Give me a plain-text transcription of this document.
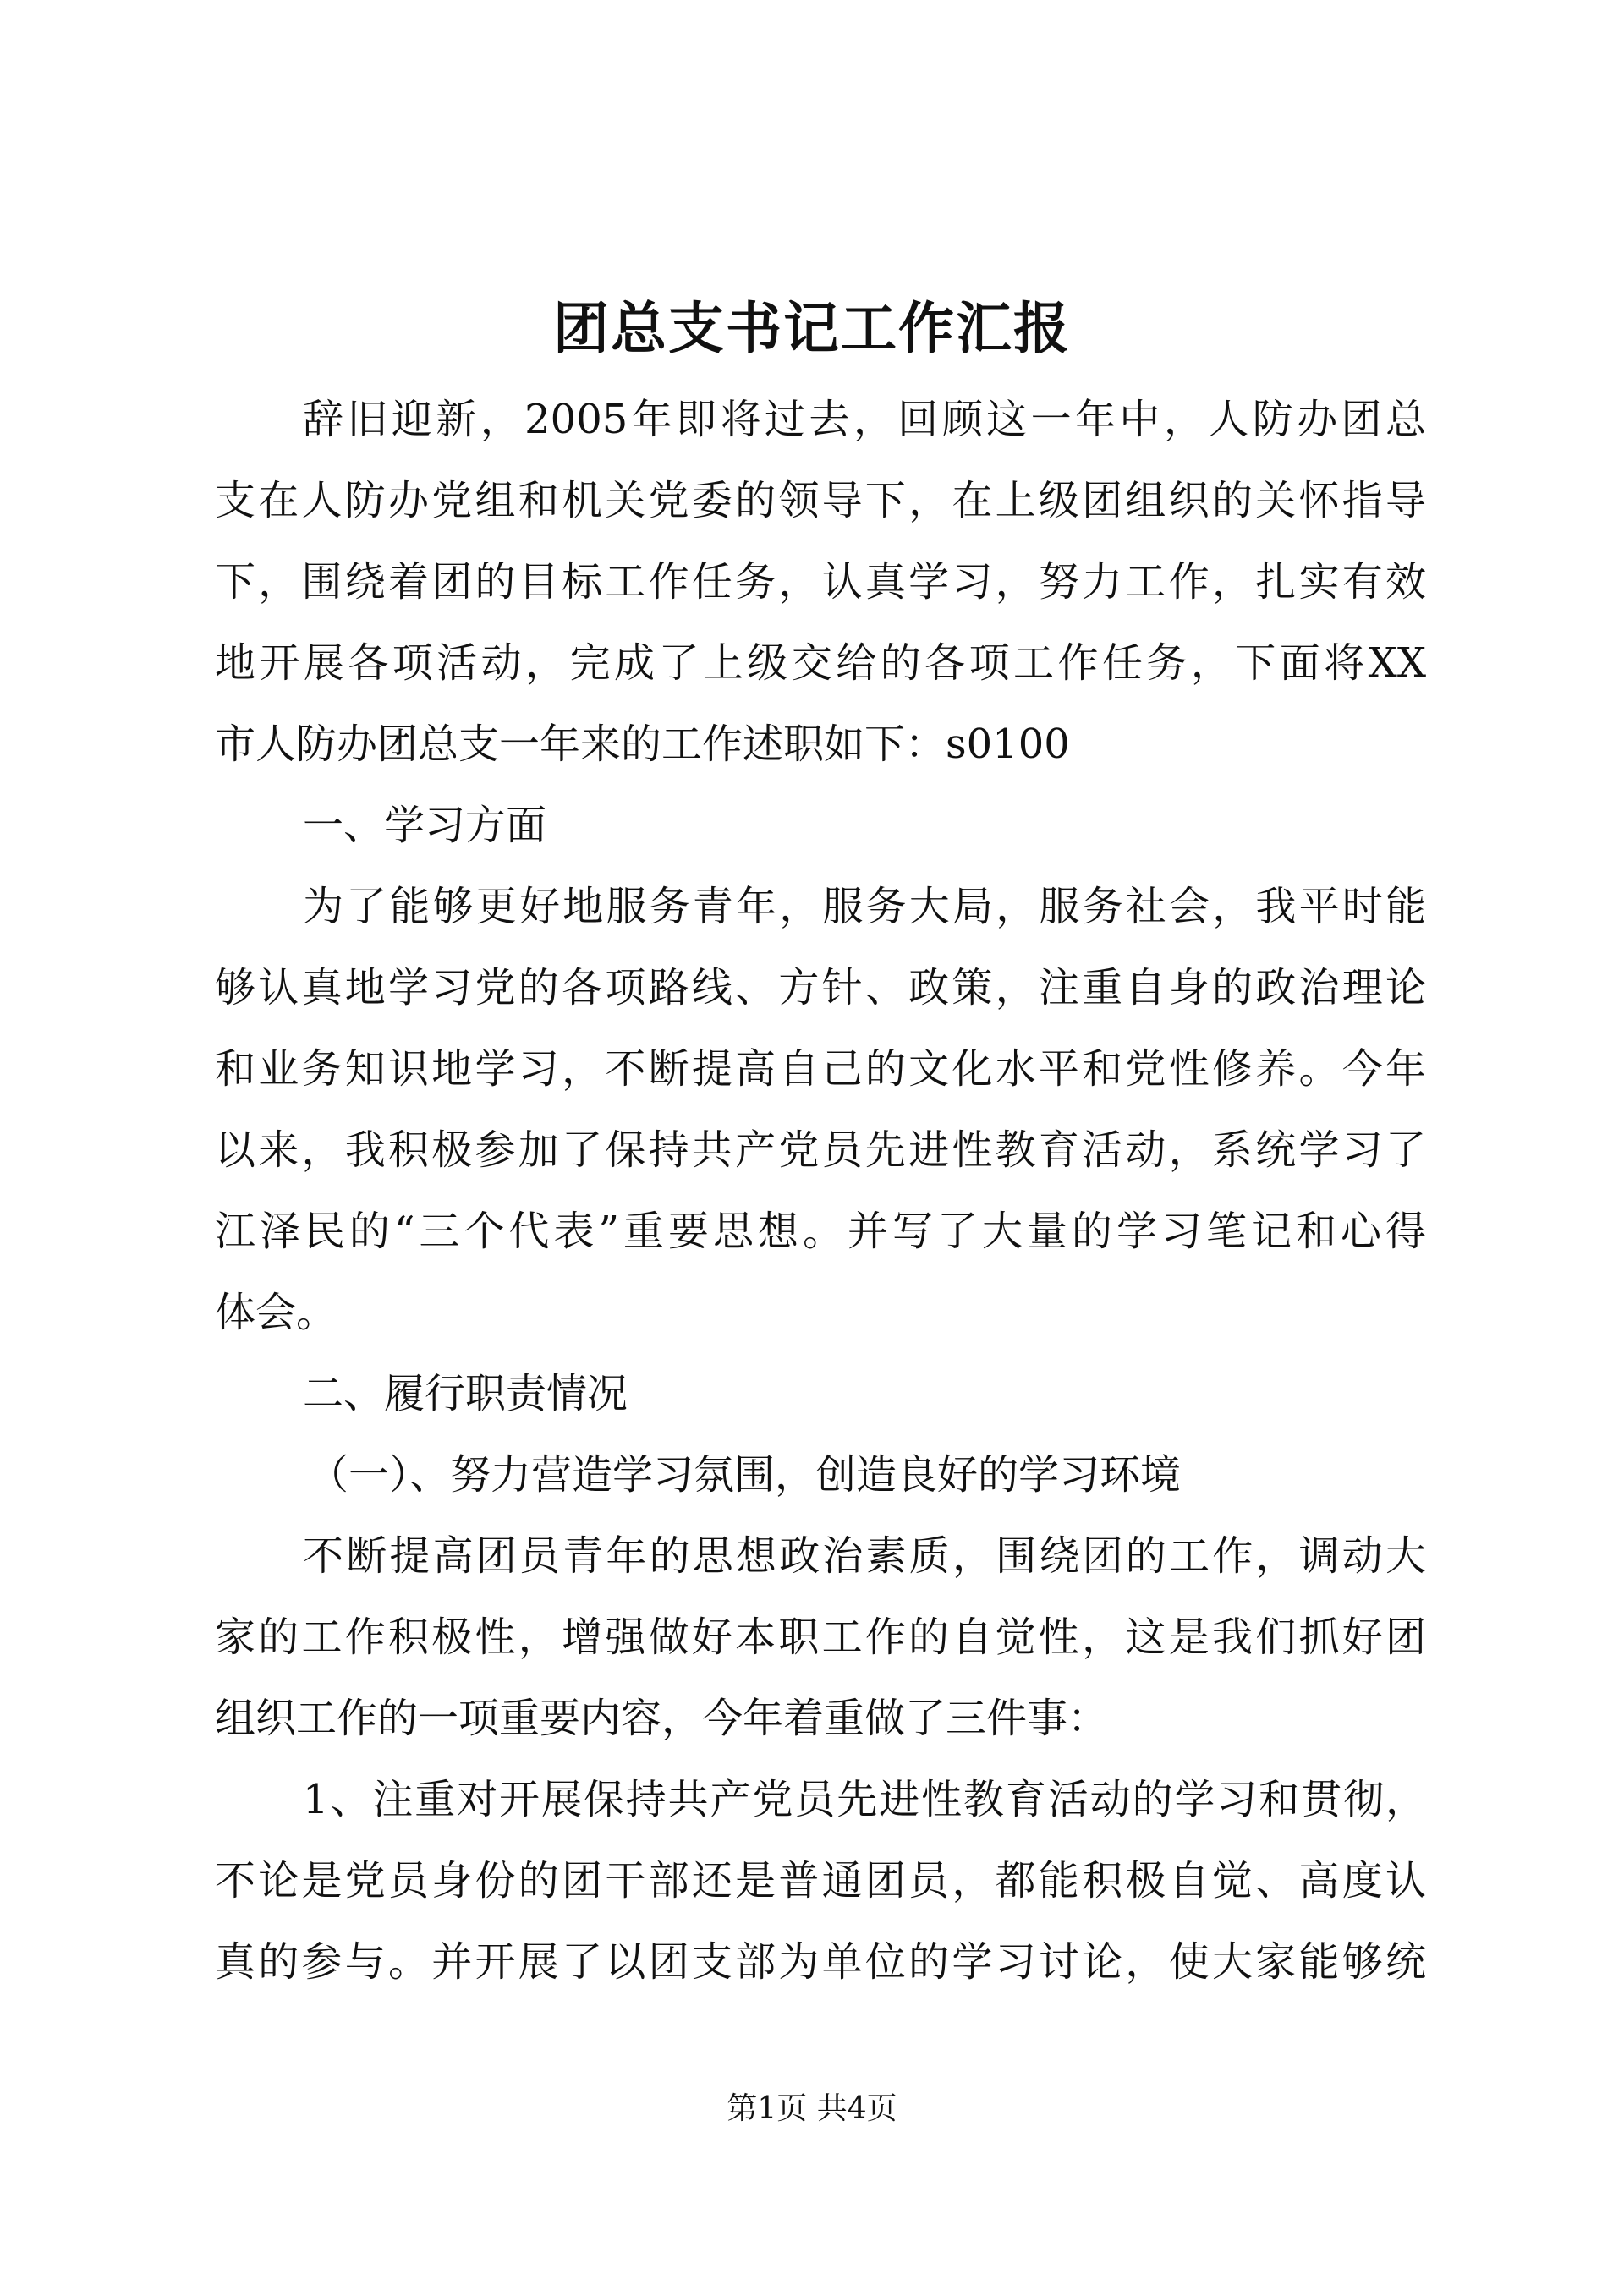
团总支书记工作汇报
辞旧迎新，2005年即将过去，回顾这一年中，人防办团总
支在人防办党组和机关党委的领导下，在上级团组织的关怀指导
下，围绕着团的目标工作任务，认真学习，努力工作，扎实有效
地开展各项活动，完成了上级交给的各项工作任务，下面将XX
市人防办团总支一年来的工作述职如下：s0100
一、学习方面
为了能够更好地服务青年，服务大局，服务社会，我平时能
够认真地学习党的各项路线、方针、政策，注重自身的政治理论
和业务知识地学习，不断提高自己的文化水平和党性修养。今年
以来，我积极参加了保持共产党员先进性教育活动，系统学习了
江泽民的“三个代表”重要思想。并写了大量的学习笔记和心得
体会。
二、履行职责情况
（一）、努力营造学习氛围，创造良好的学习环境
不断提高团员青年的思想政治素质，围绕团的工作，调动大
家的工作积极性，增强做好本职工作的自觉性，这是我们抓好团
组织工作的一项重要内容，今年着重做了三件事：
1、注重对开展保持共产党员先进性教育活动的学习和贯彻，
不论是党员身份的团干部还是普通团员，都能积极自觉、高度认
真的参与。并开展了以团支部为单位的学习讨论，使大家能够统
第1页 共4页
